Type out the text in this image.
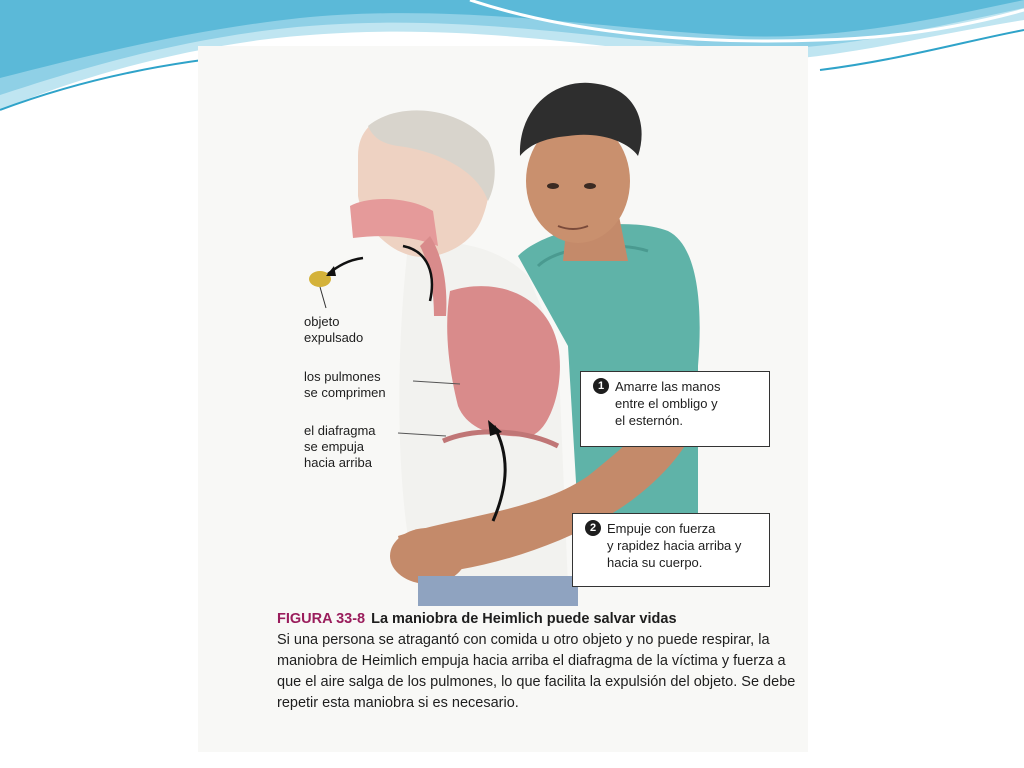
objeto
expulsado
los pulmones
se comprimen
el diafragma
se empuja
hacia arriba
1 Amarre las manos
entre el ombligo y
el esternón.
2 Empuje con fuerza
y rapidez hacia arriba y
hacia su cuerpo.
FIGURA 33-8 La maniobra de Heimlich puede salvar vidas
Si una persona se atragantó con comida u otro objeto y no puede respirar, la maniobra de Heimlich empuja hacia arriba el diafragma de la víctima y fuerza a que el aire salga de los pulmones, lo que facilita la expulsión del objeto. Se debe repetir esta maniobra si es necesario.
